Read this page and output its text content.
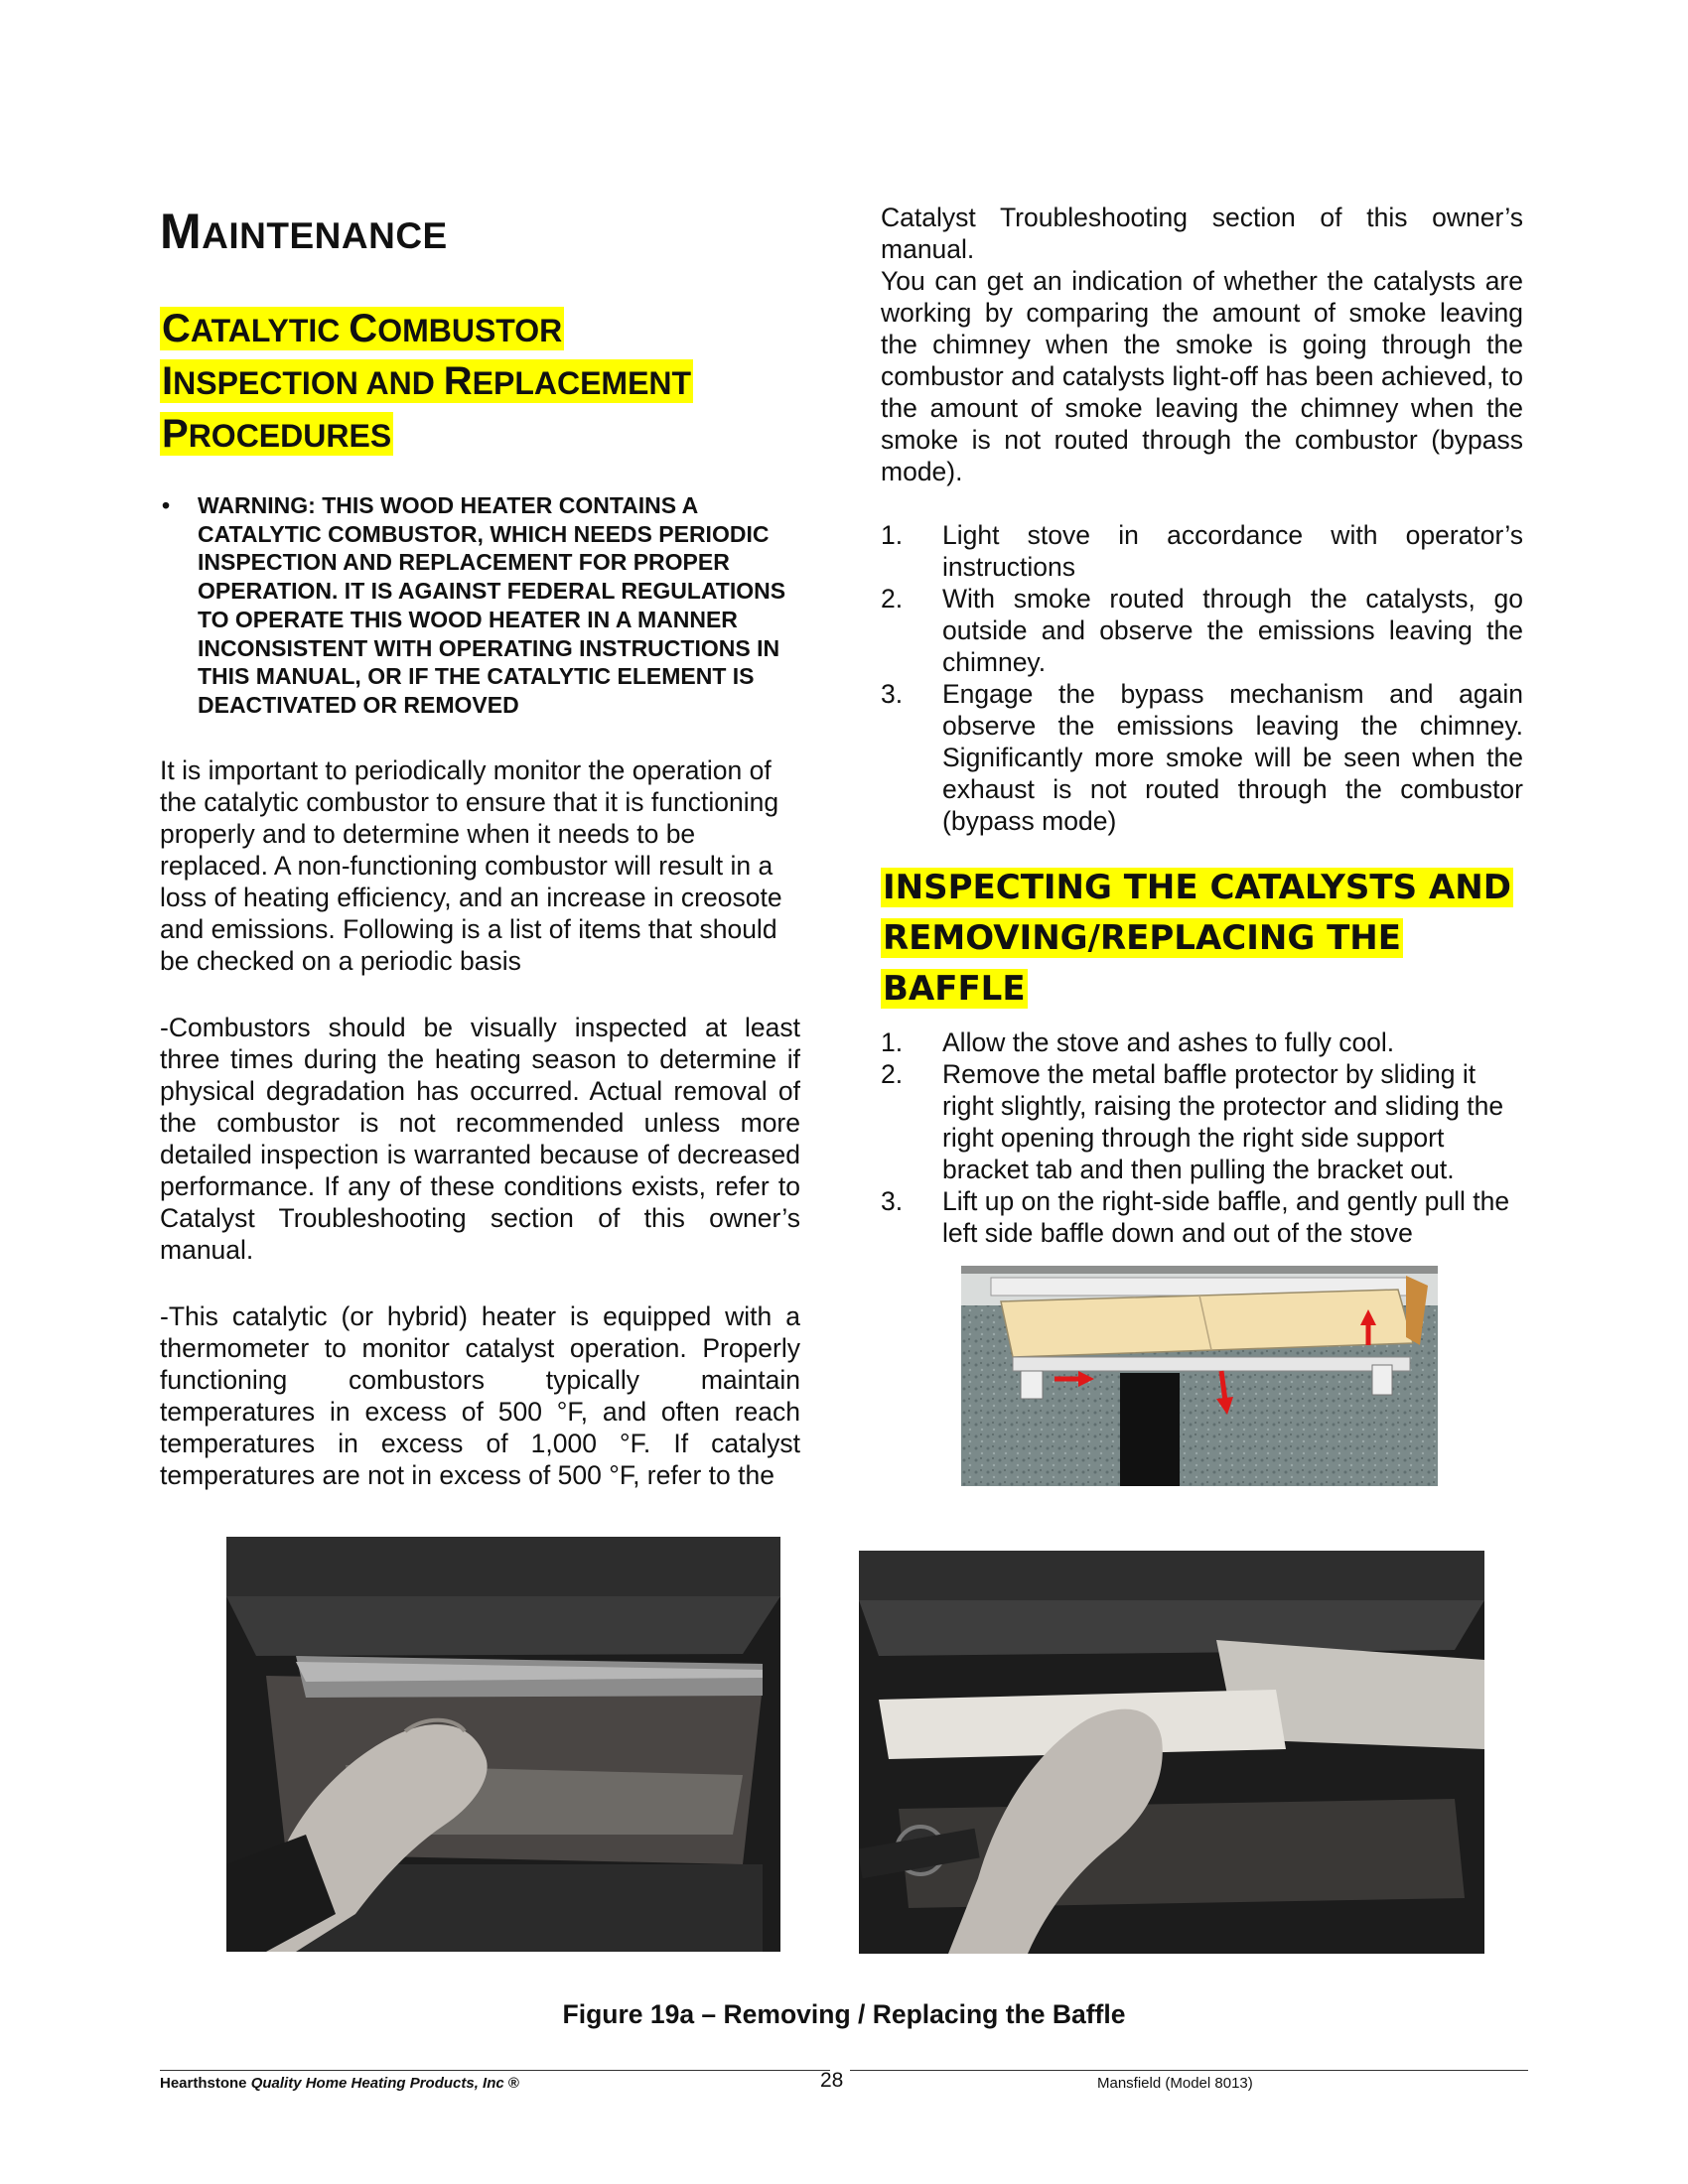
MAINTENANCE
CATALYTIC COMBUSTOR
INSPECTION AND REPLACEMENT
PROCEDURES
•	WARNING: THIS WOOD HEATER CONTAINS A CATALYTIC COMBUSTOR, WHICH NEEDS PERIODIC INSPECTION AND REPLACEMENT FOR PROPER OPERATION. IT IS AGAINST FEDERAL REGULATIONS TO OPERATE THIS WOOD HEATER IN A MANNER INCONSISTENT WITH OPERATING INSTRUCTIONS IN THIS MANUAL, OR IF THE CATALYTIC ELEMENT IS DEACTIVATED OR REMOVED

It is important to periodically monitor the operation of the catalytic combustor to ensure that it is functioning properly and to determine when it needs to be replaced. A non-functioning combustor will result in a loss of heating efficiency, and an increase in creosote and emissions. Following is a list of items that should be checked on a periodic basis

-Combustors should be visually inspected at least three times during the heating season to determine if physical degradation has occurred. Actual removal of the combustor is not recommended unless more detailed inspection is warranted because of decreased performance. If any of these conditions exists, refer to Catalyst Troubleshooting section of this owner’s manual.

-This catalytic (or hybrid) heater is equipped with a thermometer to monitor catalyst operation. Properly functioning combustors typically maintain temperatures in excess of 500 °F, and often reach temperatures in excess of 1,000 °F. If catalyst temperatures are not in excess of 500 °F, refer to the

Catalyst Troubleshooting section of this owner’s manual.

You can get an indication of whether the catalysts are working by comparing the amount of smoke leaving the chimney when the smoke is going through the combustor and catalysts light-off has been achieved, to the amount of smoke leaving the chimney when the smoke is not routed through the combustor (bypass mode).

1.	Light stove in accordance with operator’s instructions
2.	With smoke routed through the catalysts, go outside and observe the emissions leaving the chimney.
3.	Engage the bypass mechanism and again observe the emissions leaving the chimney. Significantly more smoke will be seen when the exhaust is not routed through the combustor (bypass mode)
INSPECTING THE CATALYSTS AND
REMOVING/REPLACING THE
BAFFLE
1.	Allow the stove and ashes to fully cool.
2.	Remove the metal baffle protector by sliding it right slightly, raising the protector and sliding the right opening through the right side support bracket tab and then pulling the bracket out.
3.	Lift up on the right-side baffle, and gently pull the left side baffle down and out of the stove
Figure 19a – Removing / Replacing the Baffle
Hearthstone Quality Home Heating Products, Inc ®	28	Mansfield (Model 8013)
